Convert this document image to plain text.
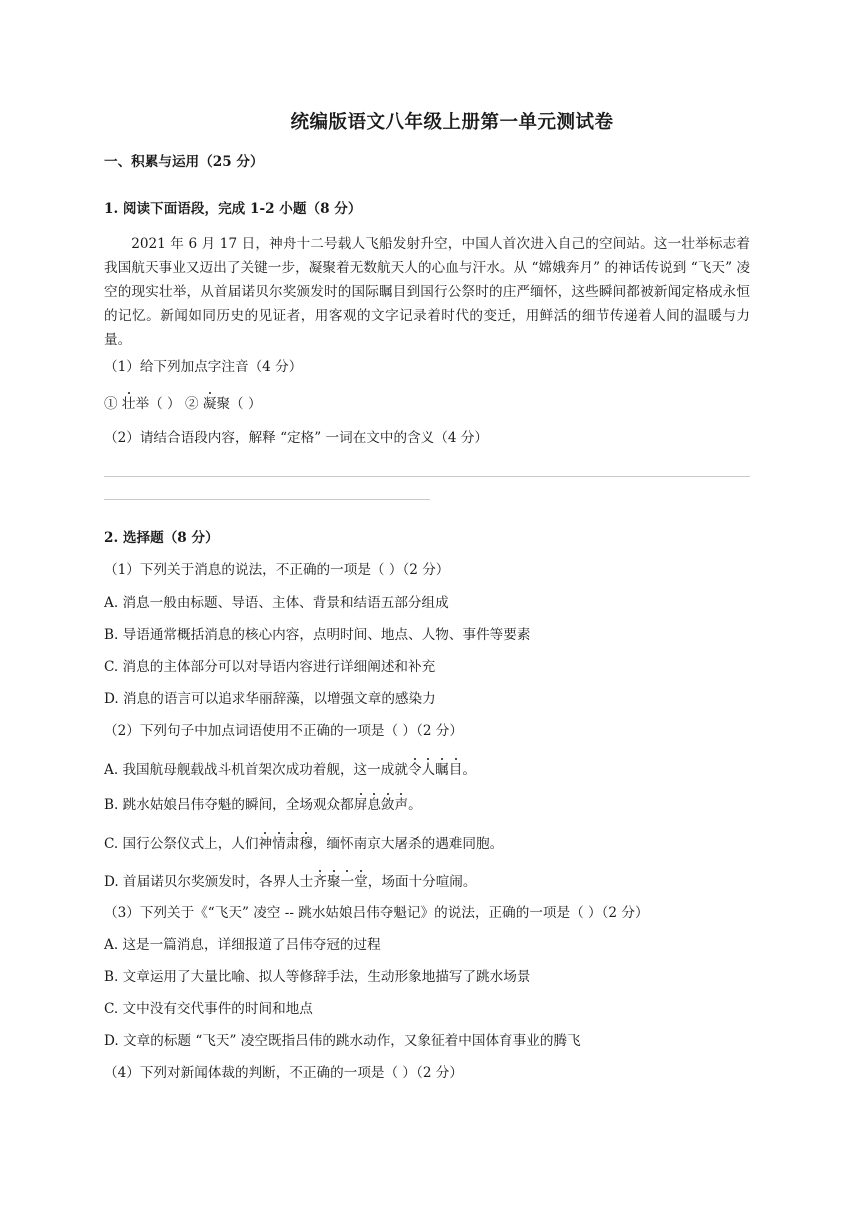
统编版语文八年级上册第一单元测试卷
一、积累与运用（25 分）
1. 阅读下面语段，完成 1-2 小题（8 分）
2021 年 6 月 17 日，神舟十二号载人飞船发射升空，中国人首次进入自己的空间站。这一壮举标志着我国航天事业又迈出了关键一步，凝聚着无数航天人的心血与汗水。从 “嫦娥奔月” 的神话传说到 “飞天” 凌空的现实壮举，从首届诺贝尔奖颁发时的国际瞩目到国行公祭时的庄严缅怀，这些瞬间都被新闻定格成永恒的记忆。新闻如同历史的见证者，用客观的文字记录着时代的变迁，用鲜活的细节传递着人间的温暖与力量。
（1）给下列加点字注音（4 分）
① 壮举（ ） ② 凝聚（ ）
（2）请结合语段内容，解释 “定格” 一词在文中的含义（4 分）
2. 选择题（8 分）
（1）下列关于消息的说法，不正确的一项是（ ）（2 分）
A. 消息一般由标题、导语、主体、背景和结语五部分组成
B. 导语通常概括消息的核心内容，点明时间、地点、人物、事件等要素
C. 消息的主体部分可以对导语内容进行详细阐述和补充
D. 消息的语言可以追求华丽辞藻，以增强文章的感染力
（2）下列句子中加点词语使用不正确的一项是（ ）（2 分）
A. 我国航母舰载战斗机首架次成功着舰，这一成就令人瞩目。
B. 跳水姑娘吕伟夺魁的瞬间，全场观众都屏息敛声。
C. 国行公祭仪式上，人们神情肃穆，缅怀南京大屠杀的遇难同胞。
D. 首届诺贝尔奖颁发时，各界人士齐聚一堂，场面十分喧闹。
（3）下列关于《“飞天” 凌空 -- 跳水姑娘吕伟夺魁记》的说法，正确的一项是（ ）（2 分）
A. 这是一篇消息，详细报道了吕伟夺冠的过程
B. 文章运用了大量比喻、拟人等修辞手法，生动形象地描写了跳水场景
C. 文中没有交代事件的时间和地点
D. 文章的标题 “飞天” 凌空既指吕伟的跳水动作，又象征着中国体育事业的腾飞
（4）下列对新闻体裁的判断，不正确的一项是（ ）（2 分）
